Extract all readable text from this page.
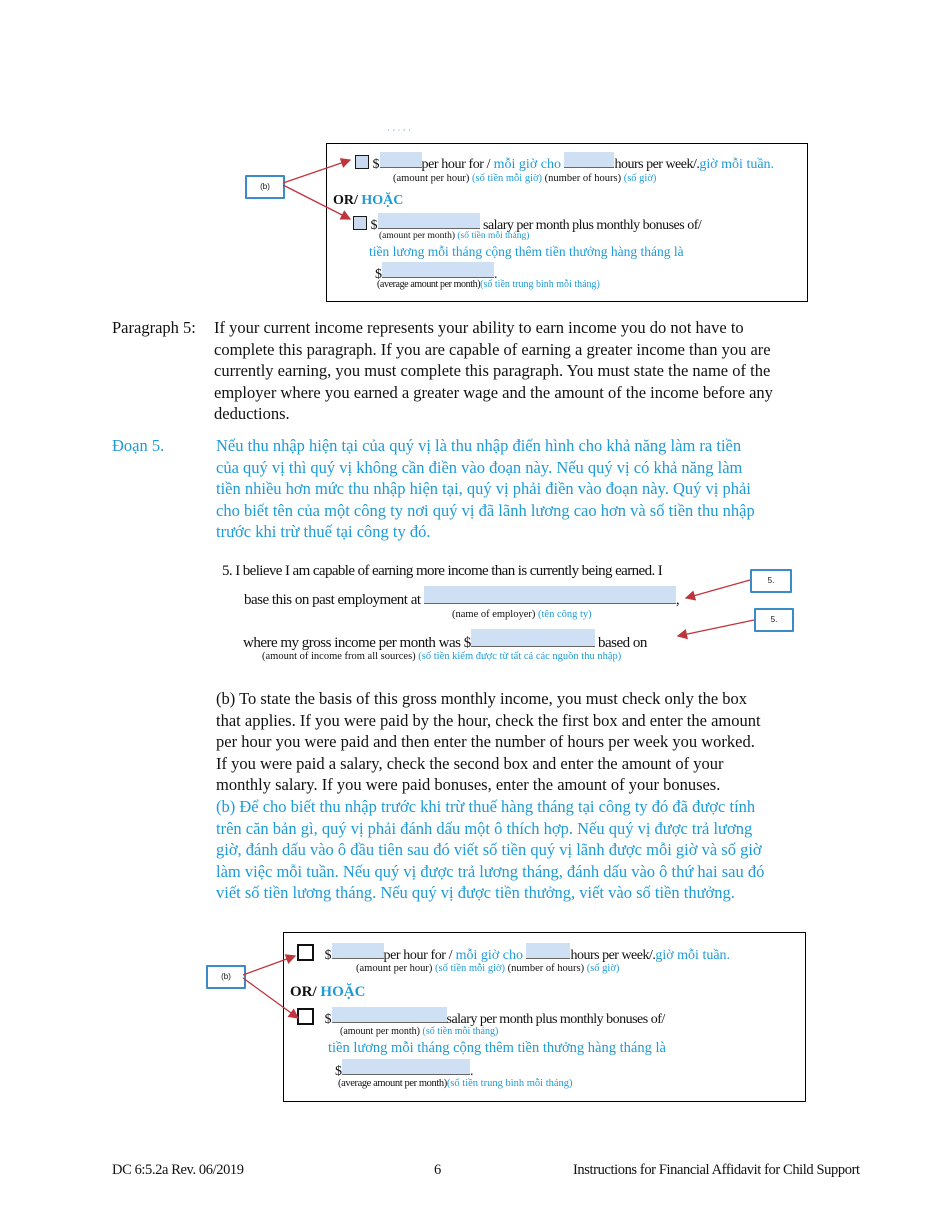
˙ ˊ ˙ ˊ ˙
$	per hour for / mỗi giờ cho	hours per week/.giờ mỗi tuần.
(amount per hour) (số tiền mỗi giờ) (number of hours) (số giờ)
OR/ HOẶC
$	salary per month plus monthly bonuses of/
(amount per month) (số tiền mỗi tháng)
tiền lương mỗi tháng cộng thêm tiền thưởng hàng tháng là
$	.
(average amount per month)(số tiền trung bình mỗi tháng)
(b)
Paragraph 5: If your current income represents your ability to earn income you do not have to
complete this paragraph. If you are capable of earning a greater income than you are
currently earning, you must complete this paragraph. You must state the name of the
employer where you earned a greater wage and the amount of the income before any
deductions.
Đoạn 5.	Nếu thu nhập hiện tại của quý vị là thu nhập điển hình cho khả năng làm ra tiền
của quý vị thì quý vị không cần điền vào đoạn này. Nếu quý vị có khả năng làm
tiền nhiều hơn mức thu nhập hiện tại, quý vị phải điền vào đoạn này. Quý vị phải
cho biết tên của một công ty nơi quý vị đã lãnh lương cao hơn và số tiền thu nhập
trước khi trừ thuế tại công ty đó.
5. I believe I am capable of earning more income than is currently being earned. I
base this on past employment at	,
(name of employer) (tên công ty)
where my gross income per month was $	based on
(amount of income from all sources) (số tiền kiếm được từ tất cả các nguồn thu nhập)
5.
5.
(b) To state the basis of this gross monthly income, you must check only the box
that applies. If you were paid by the hour, check the first box and enter the amount
per hour you were paid and then enter the number of hours per week you worked.
If you were paid a salary, check the second box and enter the amount of your
monthly salary. If you were paid bonuses, enter the amount of your bonuses.
(b) Để cho biết thu nhập trước khi trừ thuế hàng tháng tại công ty đó đã được tính
trên căn bản gì, quý vị phải đánh dấu một ô thích hợp. Nếu quý vị được trả lương
giờ, đánh dấu vào ô đầu tiên sau đó viết số tiền quý vị lãnh được mỗi giờ và số giờ
làm việc mỗi tuần. Nếu quý vị được trả lương tháng, đánh dấu vào ô thứ hai sau đó
viết số tiền lương tháng. Nếu quý vị được tiền thưởng, viết vào số tiền thưởng.
$	per hour for / mỗi giờ cho	hours per week/.giờ mỗi tuần.
(amount per hour) (số tiền mỗi giờ) (number of hours) (số giờ)
OR/ HOẶC
$	salary per month plus monthly bonuses of/
(amount per month) (số tiền mỗi tháng)
tiền lương mỗi tháng cộng thêm tiền thưởng hàng tháng là
$	.
(average amount per month)(số tiền trung bình mỗi tháng)
(b)
DC 6:5.2a Rev. 06/2019	6	Instructions for Financial Affidavit for Child Support
